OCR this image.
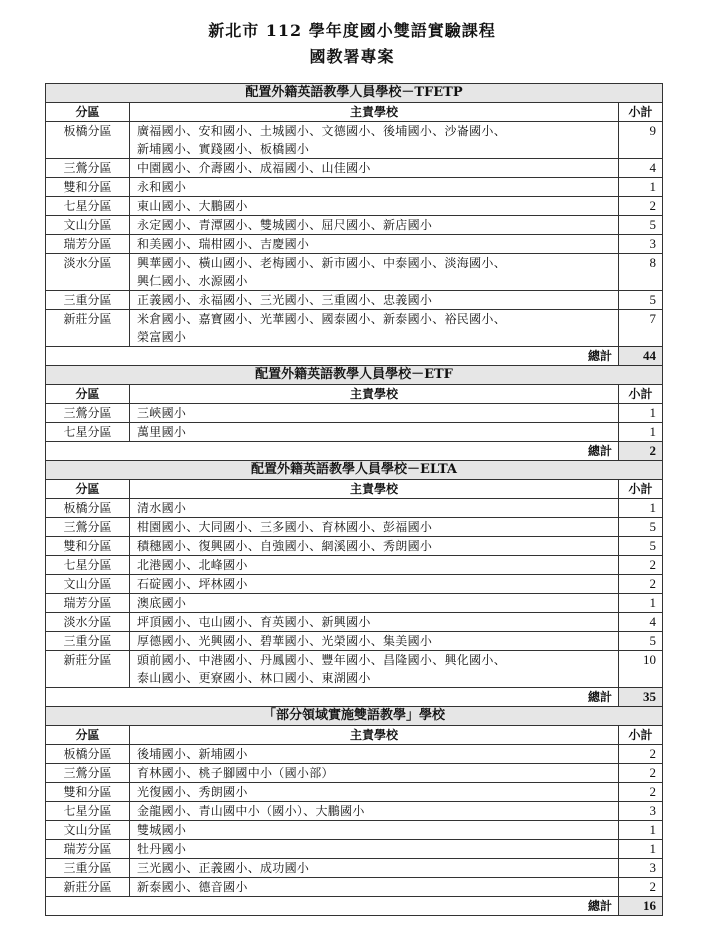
新北市 112 學年度國小雙語實驗課程
國教署專案
配置外籍英語教學人員學校－TFETP		
分區	主責學校	小計
板橋分區	廣福國小、安和國小、土城國小、文德國小、後埔國小、沙崙國小、
新埔國小、實踐國小、板橋國小	9
三鶯分區	中園國小、介壽國小、成福國小、山佳國小	4
雙和分區	永和國小	1
七星分區	東山國小、大鵬國小	2
文山分區	永定國小、青潭國小、雙城國小、屈尺國小、新店國小	5
瑞芳分區	和美國小、瑞柑國小、吉慶國小	3
淡水分區	興華國小、橫山國小、老梅國小、新市國小、中泰國小、淡海國小、
興仁國小、水源國小	8
三重分區	正義國小、永福國小、三光國小、三重國小、忠義國小	5
新莊分區	米倉國小、嘉寶國小、光華國小、國泰國小、新泰國小、裕民國小、
榮富國小	7
總計		44
配置外籍英語教學人員學校－ETF		
分區	主責學校	小計
三鶯分區	三峽國小	1
七星分區	萬里國小	1
總計		2
配置外籍英語教學人員學校－ELTA		
分區	主責學校	小計
板橋分區	清水國小	1
三鶯分區	柑園國小、大同國小、三多國小、育林國小、彭福國小	5
雙和分區	積穗國小、復興國小、自強國小、網溪國小、秀朗國小	5
七星分區	北港國小、北峰國小	2
文山分區	石碇國小、坪林國小	2
瑞芳分區	澳底國小	1
淡水分區	坪頂國小、屯山國小、育英國小、新興國小	4
三重分區	厚德國小、光興國小、碧華國小、光榮國小、集美國小	5
新莊分區	頭前國小、中港國小、丹鳳國小、豐年國小、昌隆國小、興化國小、
泰山國小、更寮國小、林口國小、東湖國小	10
總計		35
「部分領域實施雙語教學」學校		
分區	主責學校	小計
板橋分區	後埔國小、新埔國小	2
三鶯分區	育林國小、桃子腳國中小（國小部）	2
雙和分區	光復國小、秀朗國小	2
七星分區	金龍國小、青山國中小（國小）、大鵬國小	3
文山分區	雙城國小	1
瑞芳分區	牡丹國小	1
三重分區	三光國小、正義國小、成功國小	3
新莊分區	新泰國小、德音國小	2
總計		16
